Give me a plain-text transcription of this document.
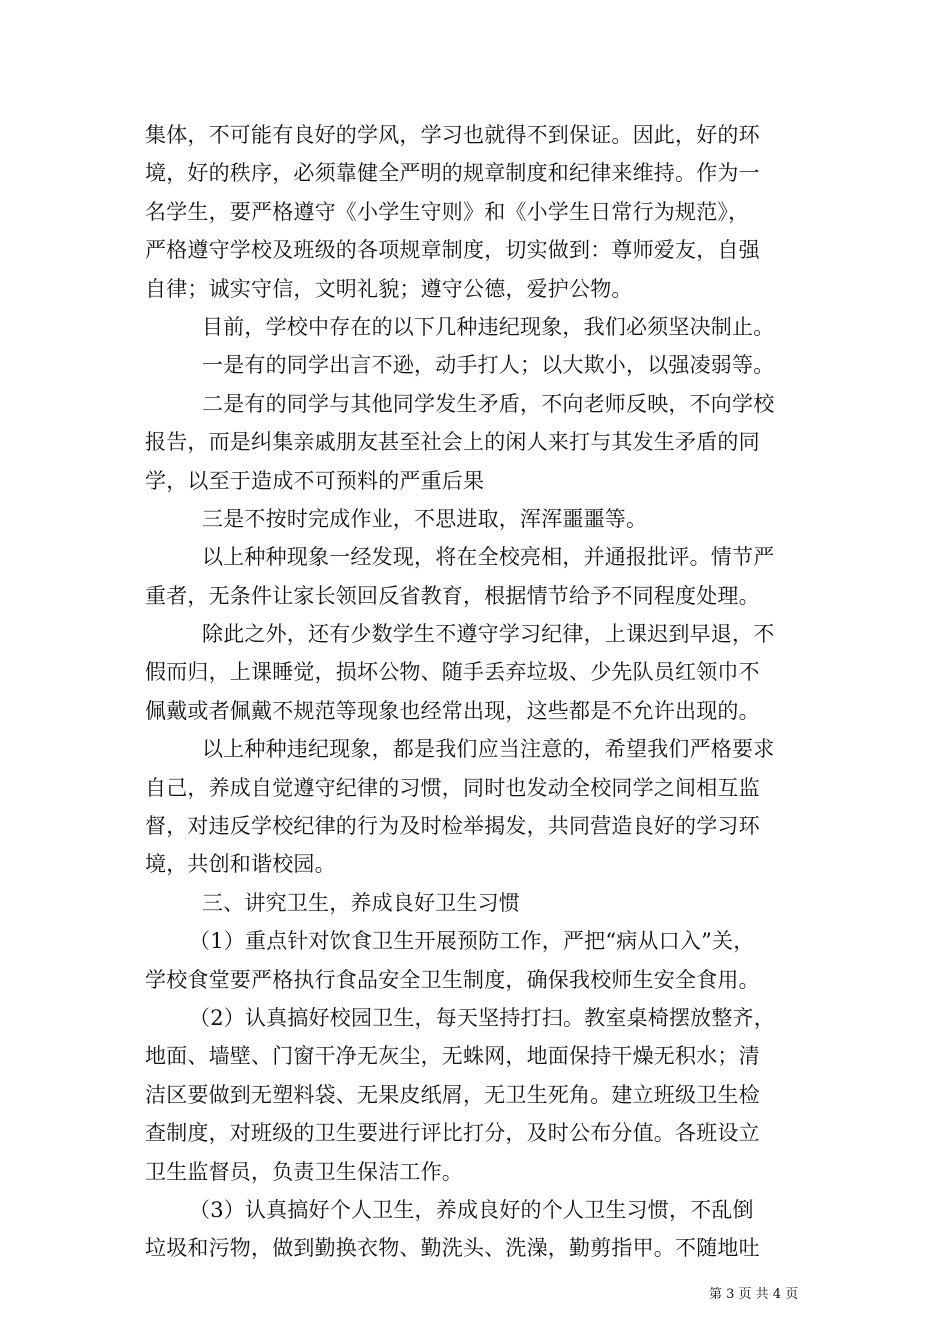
集体，不可能有良好的学风，学习也就得不到保证。因此，好的环
境，好的秩序，必须靠健全严明的规章制度和纪律来维持。作为一
名学生，要严格遵守《小学生守则》和《小学生日常行为规范》，
严格遵守学校及班级的各项规章制度，切实做到：尊师爱友，自强
自律；诚实守信，文明礼貌；遵守公德，爱护公物。
目前，学校中存在的以下几种违纪现象，我们必须坚决制止。
一是有的同学出言不逊，动手打人；以大欺小，以强凌弱等。
二是有的同学与其他同学发生矛盾，不向老师反映，不向学校
报告，而是纠集亲戚朋友甚至社会上的闲人来打与其发生矛盾的同
学，以至于造成不可预料的严重后果
三是不按时完成作业，不思进取，浑浑噩噩等。
以上种种现象一经发现，将在全校亮相，并通报批评。情节严
重者，无条件让家长领回反省教育，根据情节给予不同程度处理。
除此之外，还有少数学生不遵守学习纪律，上课迟到早退，不
假而归，上课睡觉，损坏公物、随手丢弃垃圾、少先队员红领巾不
佩戴或者佩戴不规范等现象也经常出现，这些都是不允许出现的。
以上种种违纪现象，都是我们应当注意的，希望我们严格要求
自己，养成自觉遵守纪律的习惯，同时也发动全校同学之间相互监
督，对违反学校纪律的行为及时检举揭发，共同营造良好的学习环
境，共创和谐校园。
三、讲究卫生，养成良好卫生习惯
（1）重点针对饮食卫生开展预防工作，严把“病从口入”关，
学校食堂要严格执行食品安全卫生制度，确保我校师生安全食用。
（2）认真搞好校园卫生，每天坚持打扫。教室桌椅摆放整齐，
地面、墙壁、门窗干净无灰尘，无蛛网，地面保持干燥无积水；清
洁区要做到无塑料袋、无果皮纸屑，无卫生死角。建立班级卫生检
查制度，对班级的卫生要进行评比打分，及时公布分值。各班设立
卫生监督员，负责卫生保洁工作。
（3）认真搞好个人卫生，养成良好的个人卫生习惯，不乱倒
垃圾和污物，做到勤换衣物、勤洗头、洗澡，勤剪指甲。不随地吐
第 3 页 共 4 页
